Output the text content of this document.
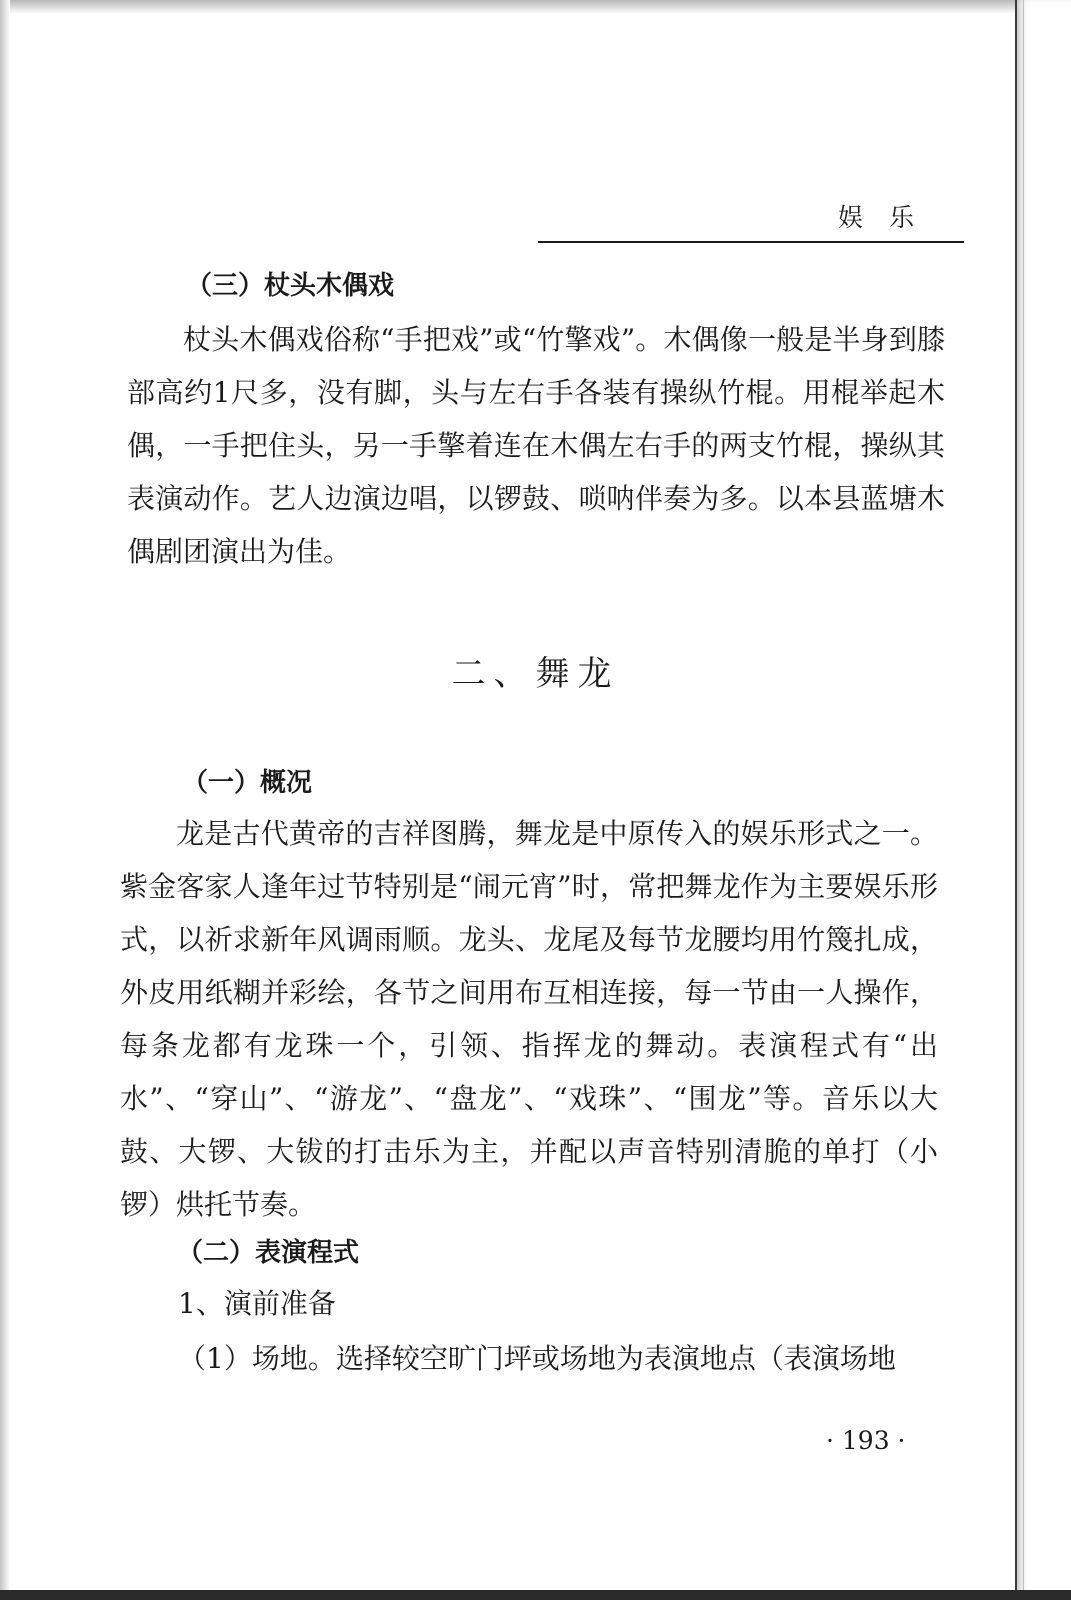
娱乐
（三）杖头木偶戏

杖头木偶戏俗称“手把戏”或“竹擎戏”。木偶像一般是半身到膝部高约1尺多，没有脚，头与左右手各装有操纵竹棍。用棍举起木偶，一手把住头，另一手擎着连在木偶左右手的两支竹棍，操纵其表演动作。艺人边演边唱，以锣鼓、唢呐伴奏为多。以本县蓝塘木偶剧团演出为佳。

二、舞龙
（一）概况

龙是古代黄帝的吉祥图腾，舞龙是中原传入的娱乐形式之一。紫金客家人逢年过节特别是“闹元宵”时，常把舞龙作为主要娱乐形式，以祈求新年风调雨顺。龙头、龙尾及每节龙腰均用竹篾扎成，外皮用纸糊并彩绘，各节之间用布互相连接，每一节由一人操作，每条龙都有龙珠一个，引领、指挥龙的舞动。表演程式有“出水”、“穿山”、“游龙”、“盘龙”、“戏珠”、“围龙”等。音乐以大鼓、大锣、大钹的打击乐为主，并配以声音特别清脆的单打（小锣）烘托节奏。

（二）表演程式
1、演前准备
（1）场地。选择较空旷门坪或场地为表演地点（表演场地
· 193 ·
